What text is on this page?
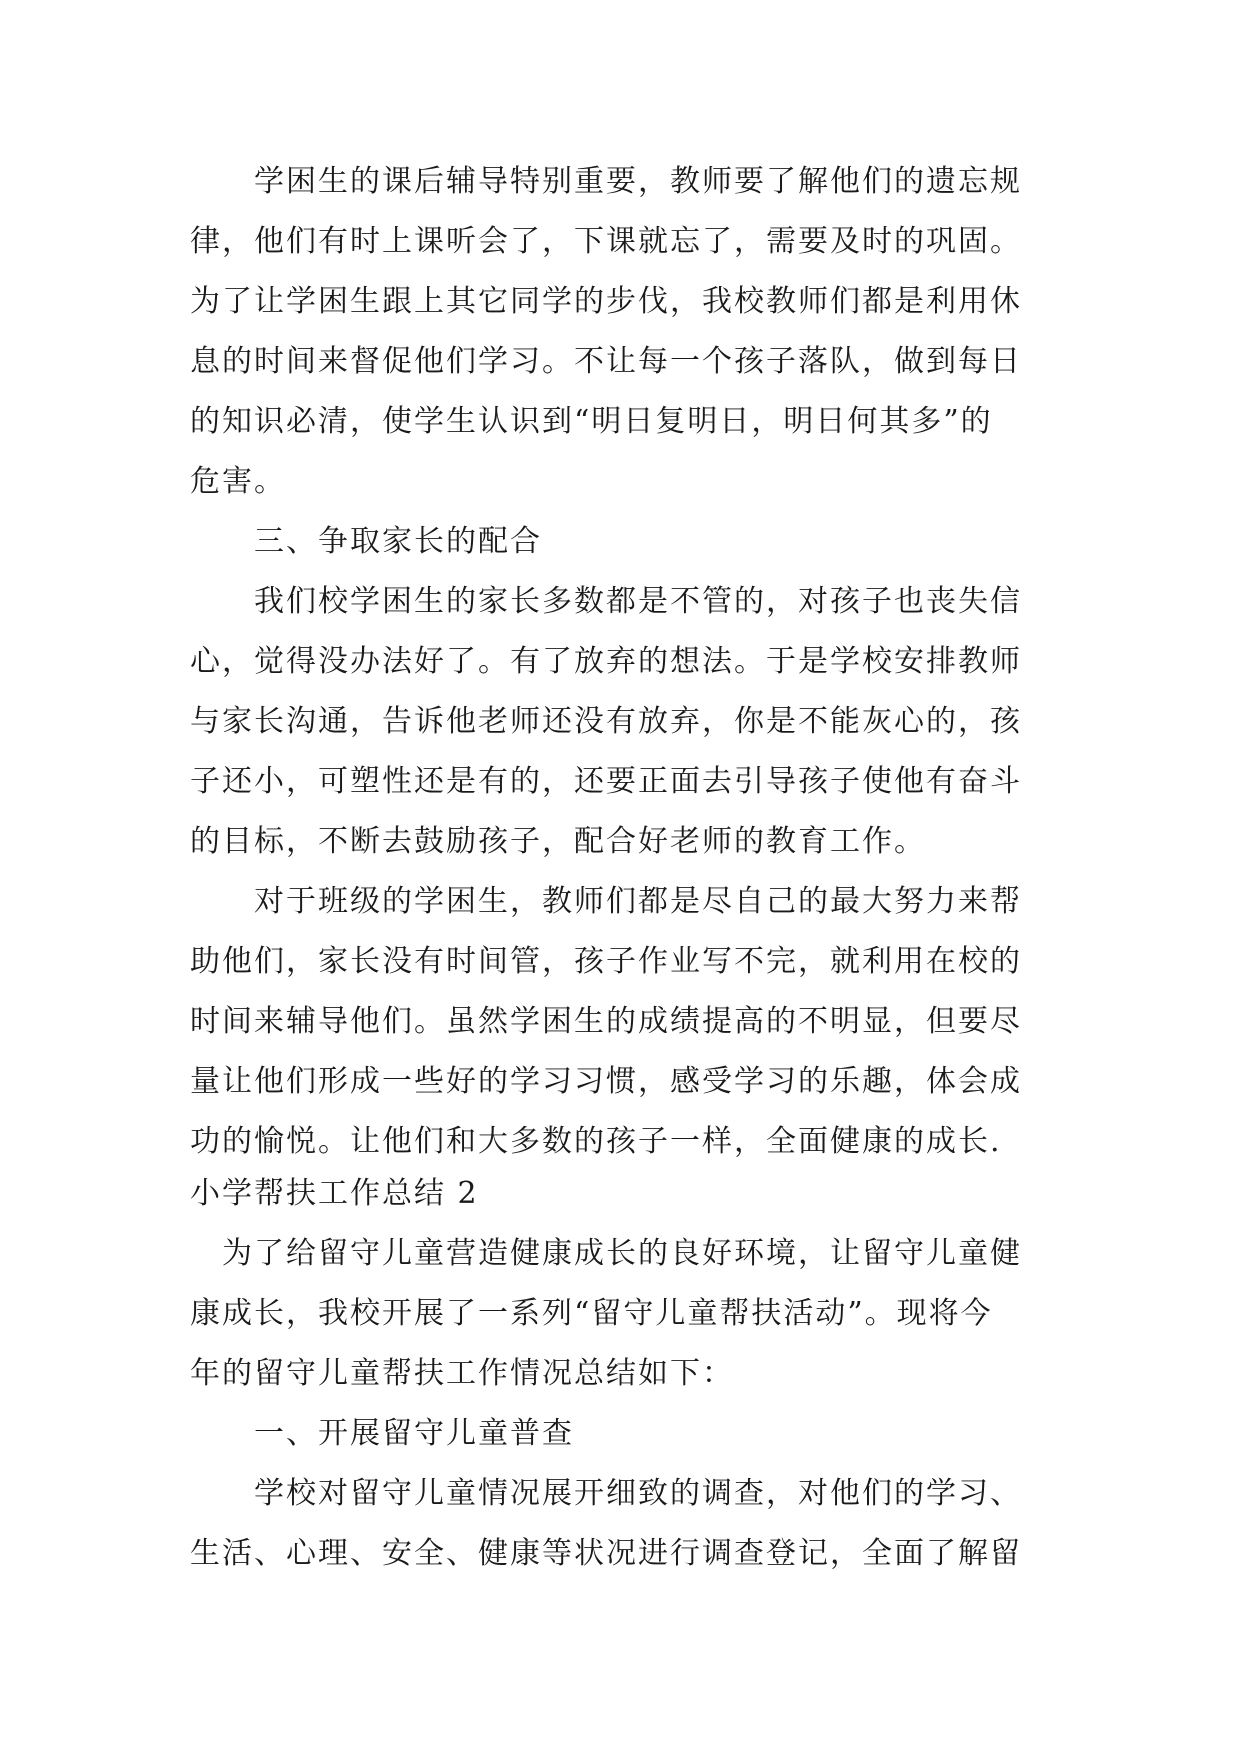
学困生的课后辅导特别重要，教师要了解他们的遗忘规
律，他们有时上课听会了，下课就忘了，需要及时的巩固。
为了让学困生跟上其它同学的步伐，我校教师们都是利用休
息的时间来督促他们学习。不让每一个孩子落队，做到每日
的知识必清，使学生认识到“明日复明日，明日何其多”的
危害。
三、争取家长的配合
我们校学困生的家长多数都是不管的，对孩子也丧失信
心，觉得没办法好了。有了放弃的想法。于是学校安排教师
与家长沟通，告诉他老师还没有放弃，你是不能灰心的，孩
子还小，可塑性还是有的，还要正面去引导孩子使他有奋斗
的目标，不断去鼓励孩子，配合好老师的教育工作。
对于班级的学困生，教师们都是尽自己的最大努力来帮
助他们，家长没有时间管，孩子作业写不完，就利用在校的
时间来辅导他们。虽然学困生的成绩提高的不明显，但要尽
量让他们形成一些好的学习习惯，感受学习的乐趣，体会成
功的愉悦。让他们和大多数的孩子一样，全面健康的成长.
小学帮扶工作总结 2
为了给留守儿童营造健康成长的良好环境，让留守儿童健
康成长，我校开展了一系列“留守儿童帮扶活动”。现将今
年的留守儿童帮扶工作情况总结如下：
一、开展留守儿童普查
学校对留守儿童情况展开细致的调查，对他们的学习、
生活、心理、安全、健康等状况进行调查登记，全面了解留
